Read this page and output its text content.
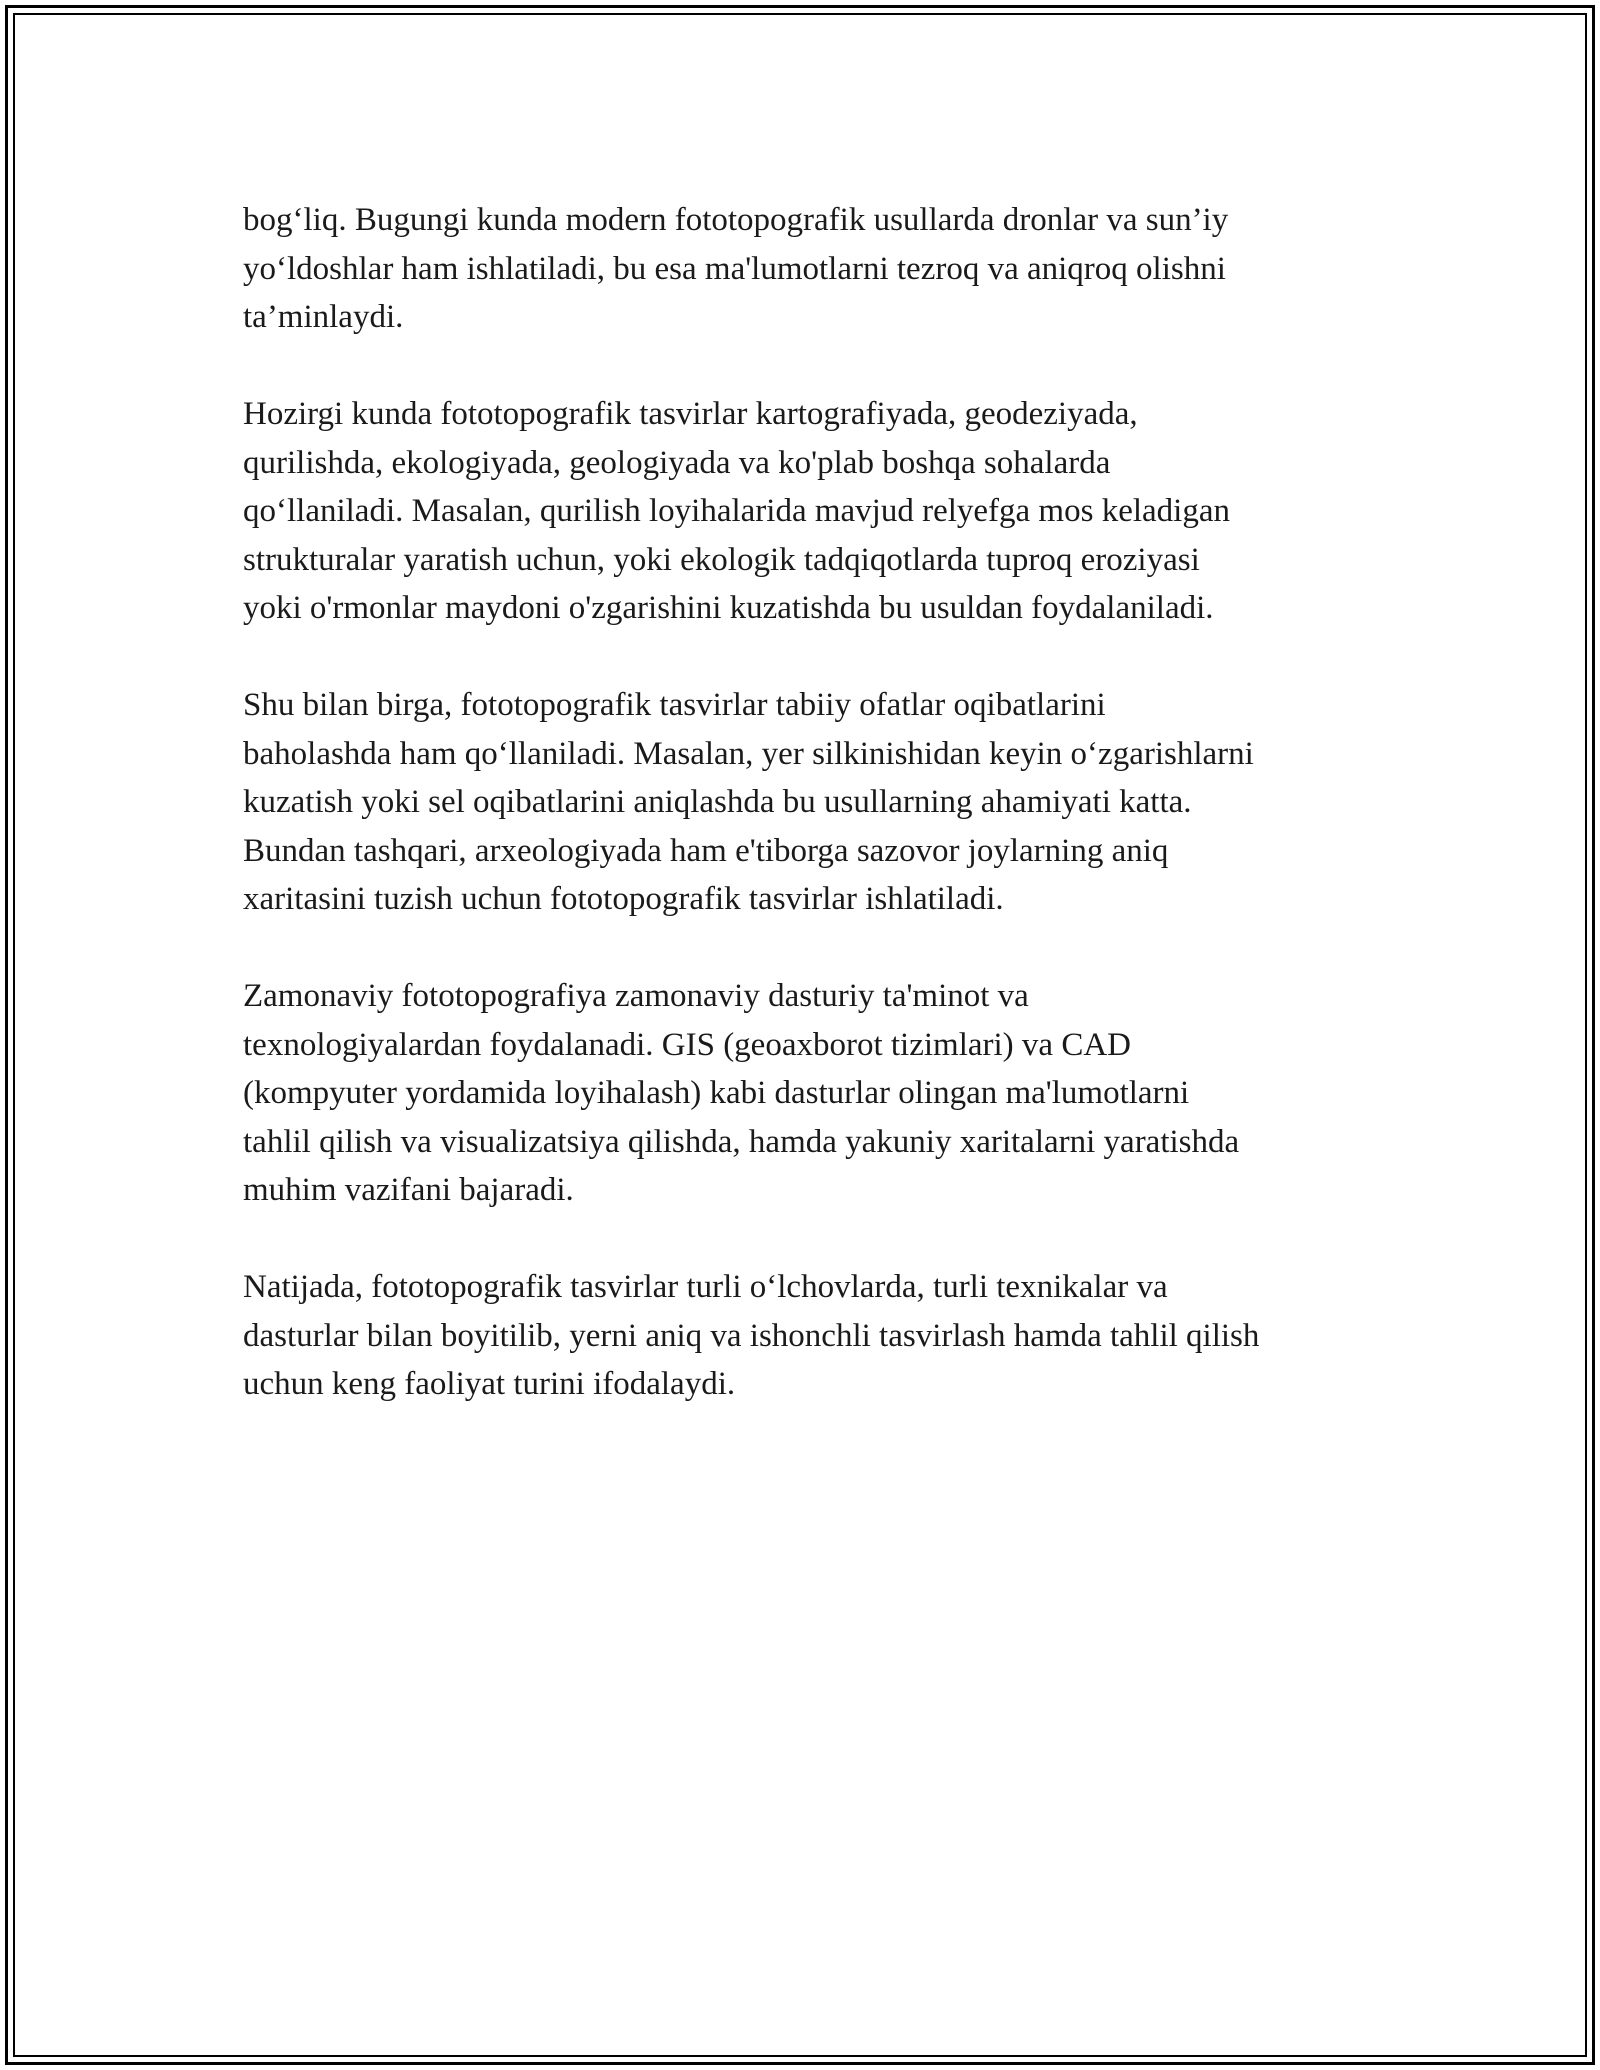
bog‘liq. Bugungi kunda modern fototopografik usullarda dronlar va sun’iy
yo‘ldoshlar ham ishlatiladi, bu esa ma'lumotlarni tezroq va aniqroq olishni
ta’minlaydi.

Hozirgi kunda fototopografik tasvirlar kartografiyada, geodeziyada,
qurilishda, ekologiyada, geologiyada va ko'plab boshqa sohalarda
qo‘llaniladi. Masalan, qurilish loyihalarida mavjud relyefga mos keladigan
strukturalar yaratish uchun, yoki ekologik tadqiqotlarda tuproq eroziyasi
yoki o'rmonlar maydoni o'zgarishini kuzatishda bu usuldan foydalaniladi.

Shu bilan birga, fototopografik tasvirlar tabiiy ofatlar oqibatlarini
baholashda ham qo‘llaniladi. Masalan, yer silkinishidan keyin o‘zgarishlarni
kuzatish yoki sel oqibatlarini aniqlashda bu usullarning ahamiyati katta.
Bundan tashqari, arxeologiyada ham e'tiborga sazovor joylarning aniq
xaritasini tuzish uchun fototopografik tasvirlar ishlatiladi.

Zamonaviy fototopografiya zamonaviy dasturiy ta'minot va
texnologiyalardan foydalanadi. GIS (geoaxborot tizimlari) va CAD
(kompyuter yordamida loyihalash) kabi dasturlar olingan ma'lumotlarni
tahlil qilish va visualizatsiya qilishda, hamda yakuniy xaritalarni yaratishda
muhim vazifani bajaradi.

Natijada, fototopografik tasvirlar turli o‘lchovlarda, turli texnikalar va
dasturlar bilan boyitilib, yerni aniq va ishonchli tasvirlash hamda tahlil qilish
uchun keng faoliyat turini ifodalaydi.
